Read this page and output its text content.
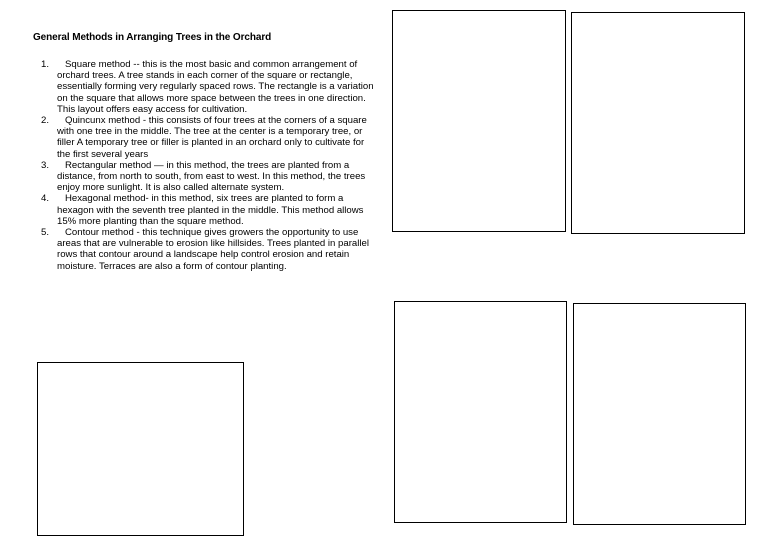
General Methods in Arranging Trees in the Orchard
1.	Square method -- this is the most basic and common arrangement of orchard trees. A tree stands in each corner of the square or rectangle, essentially forming very regularly spaced rows. The rectangle is a variation on the square that allows more space between the trees in one direction. This layout offers easy access for cultivation.
2.	Quincunx method - this consists of four trees at the corners of a square with one tree in the middle. The tree at the center is a temporary tree, or filler A temporary tree or filler is planted in an orchard only to cultivate for the first several years
3.	Rectangular method — in this method, the trees are planted from a distance, from north to south, from east to west. In this method, the trees enjoy more sunlight. It is also called alternate system.
4.	Hexagonal method- in this method, six trees are planted to form a hexagon with the seventh tree planted in the middle. This method allows 15% more planting than the square method.
5.	Contour method - this technique gives growers the opportunity to use areas that are vulnerable to erosion like hillsides. Trees planted in parallel rows that contour around a landscape help control erosion and retain moisture. Terraces are also a form of contour planting.
